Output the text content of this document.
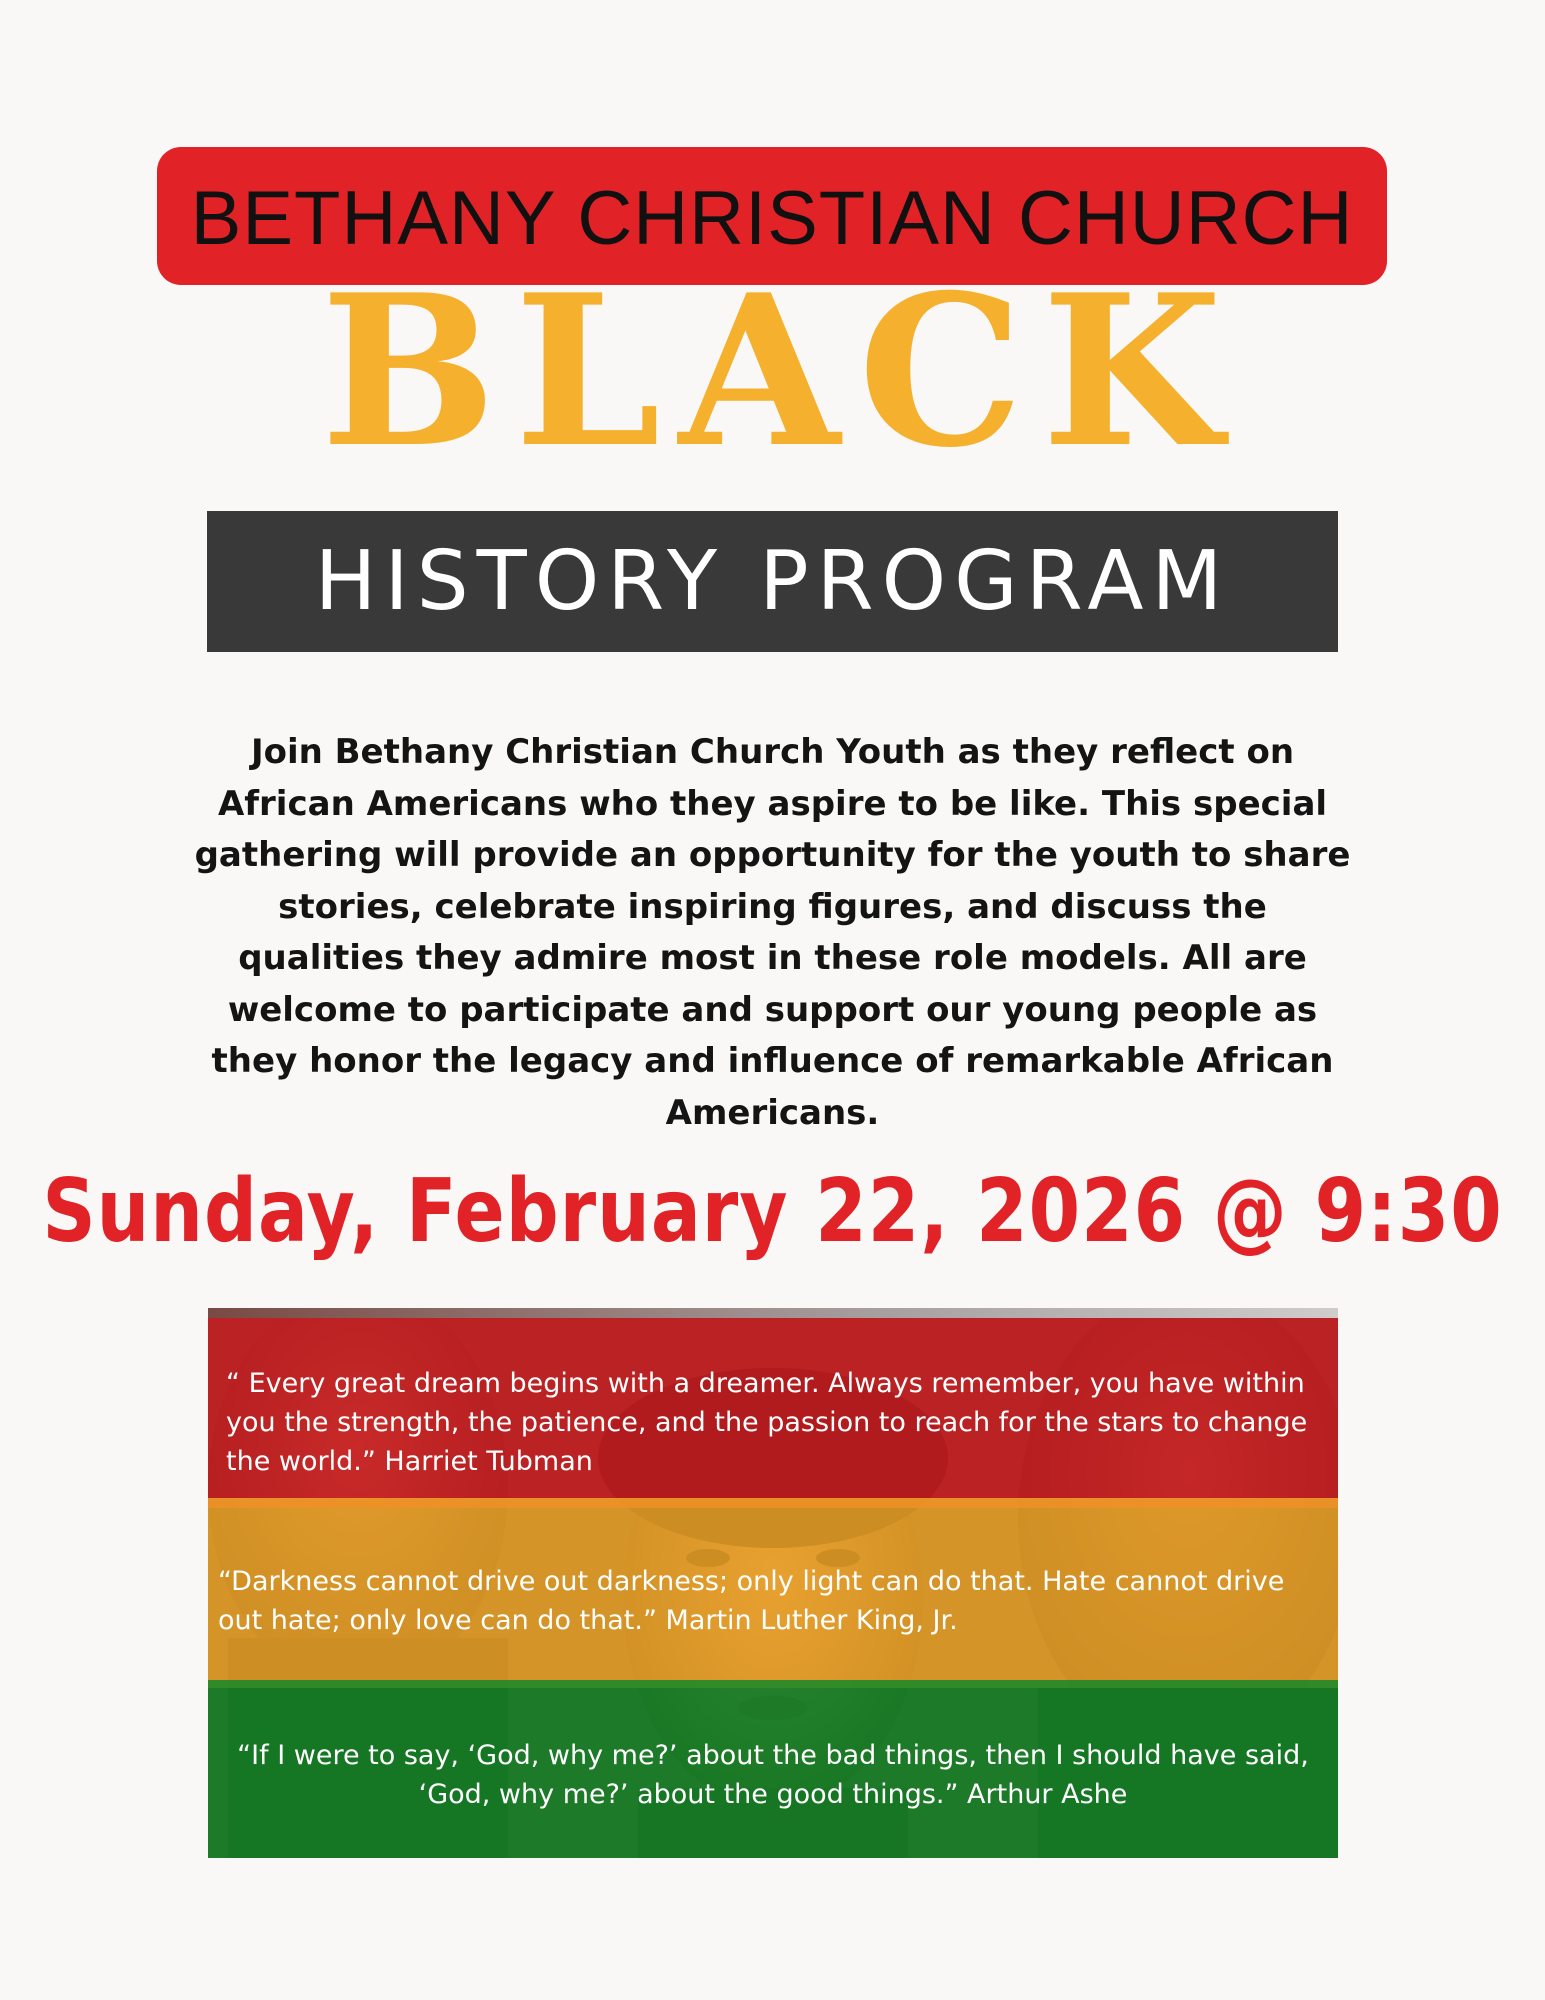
BETHANY CHRISTIAN CHURCH
BLACK
HISTORY PROGRAM
Join Bethany Christian Church Youth as they reflect on African Americans who they aspire to be like. This special gathering will provide an opportunity for the youth to share stories, celebrate inspiring figures, and discuss the qualities they admire most in these role models. All are welcome to participate and support our young people as they honor the legacy and influence of remarkable African Americans.
Sunday, February 22, 2026 @ 9:30
“ Every great dream begins with a dreamer. Always remember, you have within you the strength, the patience, and the passion to reach for the stars to change the world.” Harriet Tubman
“Darkness cannot drive out darkness; only light can do that. Hate cannot drive out hate; only love can do that.” Martin Luther King, Jr.
“If I were to say, ‘God, why me?’ about the bad things, then I should have said, ‘God, why me?’ about the good things.” Arthur Ashe
